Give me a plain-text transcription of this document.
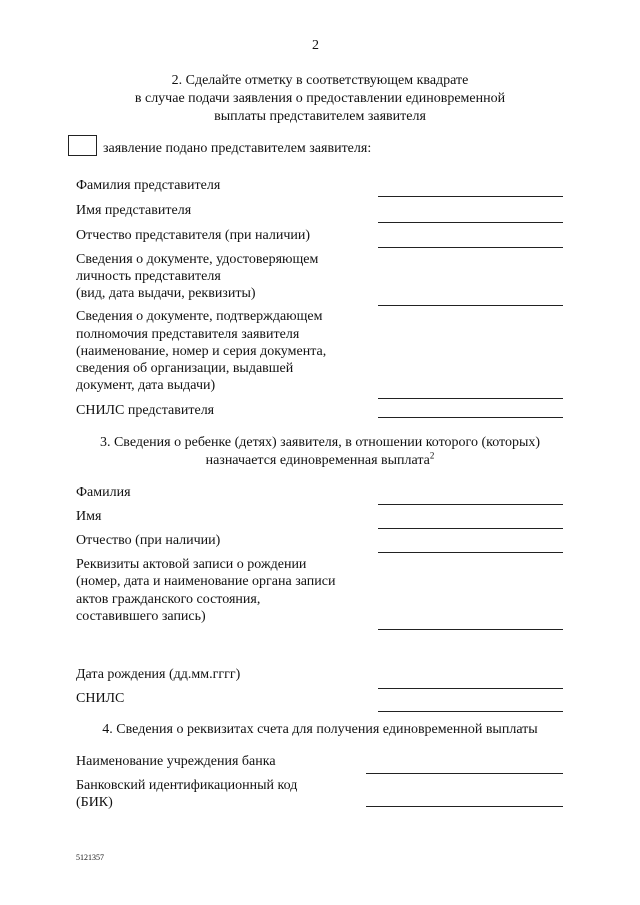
2
2. Сделайте отметку в соответствующем квадрате
в случае подачи заявления о предоставлении единовременной
выплаты представителем заявителя
заявление подано представителем заявителя:
Фамилия представителя
Имя представителя
Отчество представителя (при наличии)
Сведения о документе, удостоверяющем
личность представителя
(вид, дата выдачи, реквизиты)
Сведения о документе, подтверждающем
полномочия представителя заявителя
(наименование, номер и серия документа,
сведения об организации, выдавшей
документ, дата выдачи)
СНИЛС представителя
3. Сведения о ребенке (детях) заявителя, в отношении которого (которых)
назначается единовременная выплата$^2$
Фамилия
Имя
Отчество (при наличии)
Реквизиты актовой записи о рождении
(номер, дата и наименование органа записи
актов гражданского состояния,
составившего запись)
Дата рождения (дд.мм.гггг)
СНИЛС
4. Сведения о реквизитах счета для получения единовременной выплаты
Наименование учреждения банка
Банковский идентификационный код
(БИК)
5121357
